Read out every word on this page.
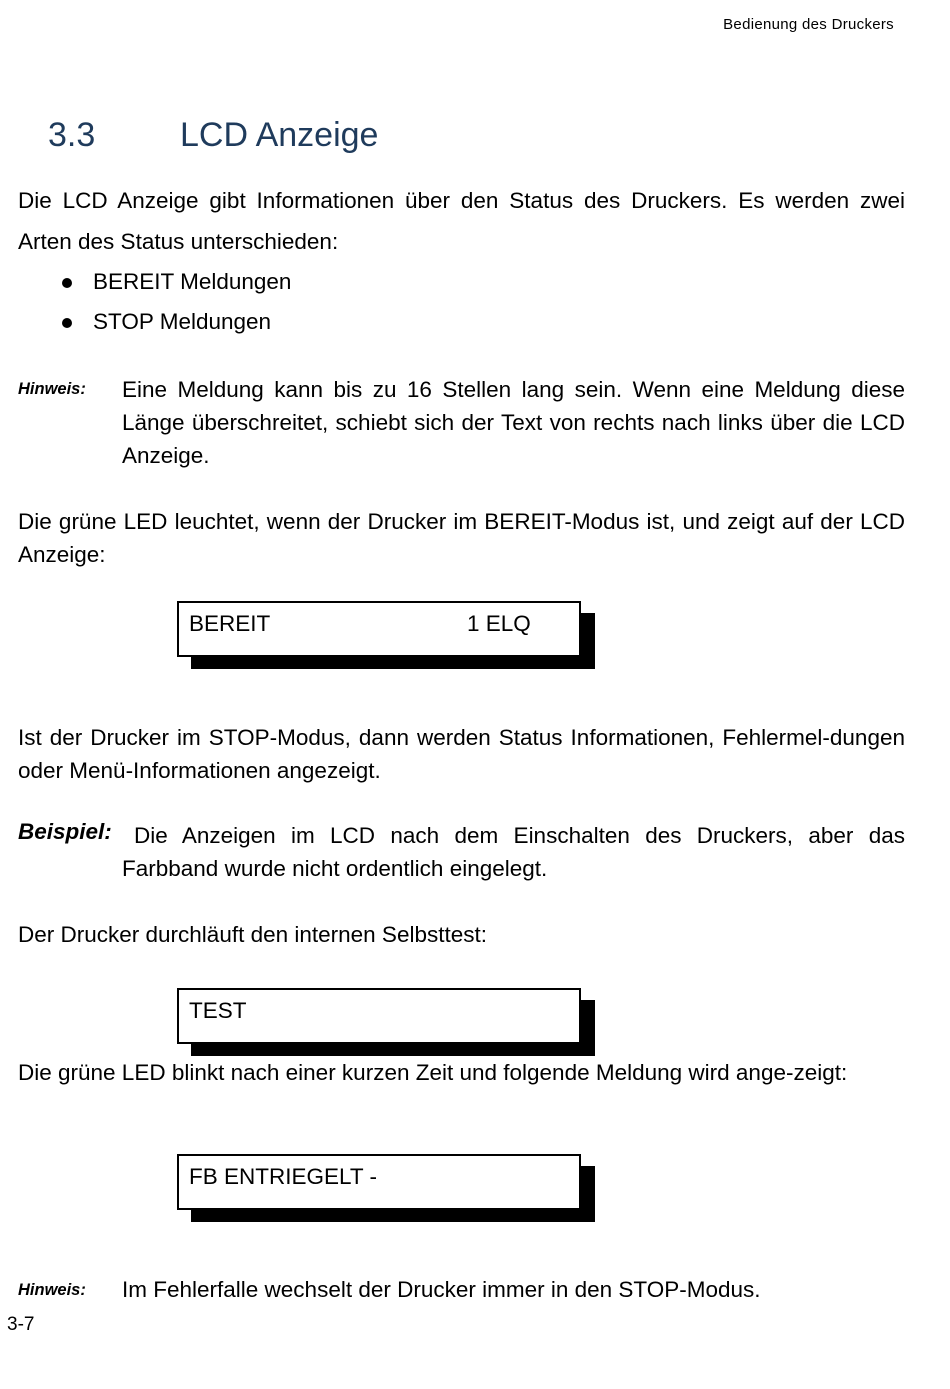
Bedienung des Druckers
3.3 LCD Anzeige
Die LCD Anzeige gibt Informationen über den Status des Druckers. Es werden zwei Arten des Status unterschieden:
BEREIT Meldungen
STOP Meldungen
Hinweis: Eine Meldung kann bis zu 16 Stellen lang sein. Wenn eine Meldung diese Länge überschreitet, schiebt sich der Text von rechts nach links über die LCD Anzeige.
Die grüne LED leuchtet, wenn der Drucker im BEREIT-Modus ist, und zeigt auf der LCD Anzeige:
BEREIT	1 ELQ
Ist der Drucker im STOP-Modus, dann werden Status Informationen, Fehlermel-dungen oder Menü-Informationen angezeigt.
Beispiel: Die Anzeigen im LCD nach dem Einschalten des Druckers, aber das
Farbband wurde nicht ordentlich eingelegt.
Der Drucker durchläuft den internen Selbsttest:
TEST
Die grüne LED blinkt nach einer kurzen Zeit und folgende Meldung wird ange-zeigt:
FB ENTRIEGELT -
Hinweis: Im Fehlerfalle wechselt der Drucker immer in den STOP-Modus.
3-7
